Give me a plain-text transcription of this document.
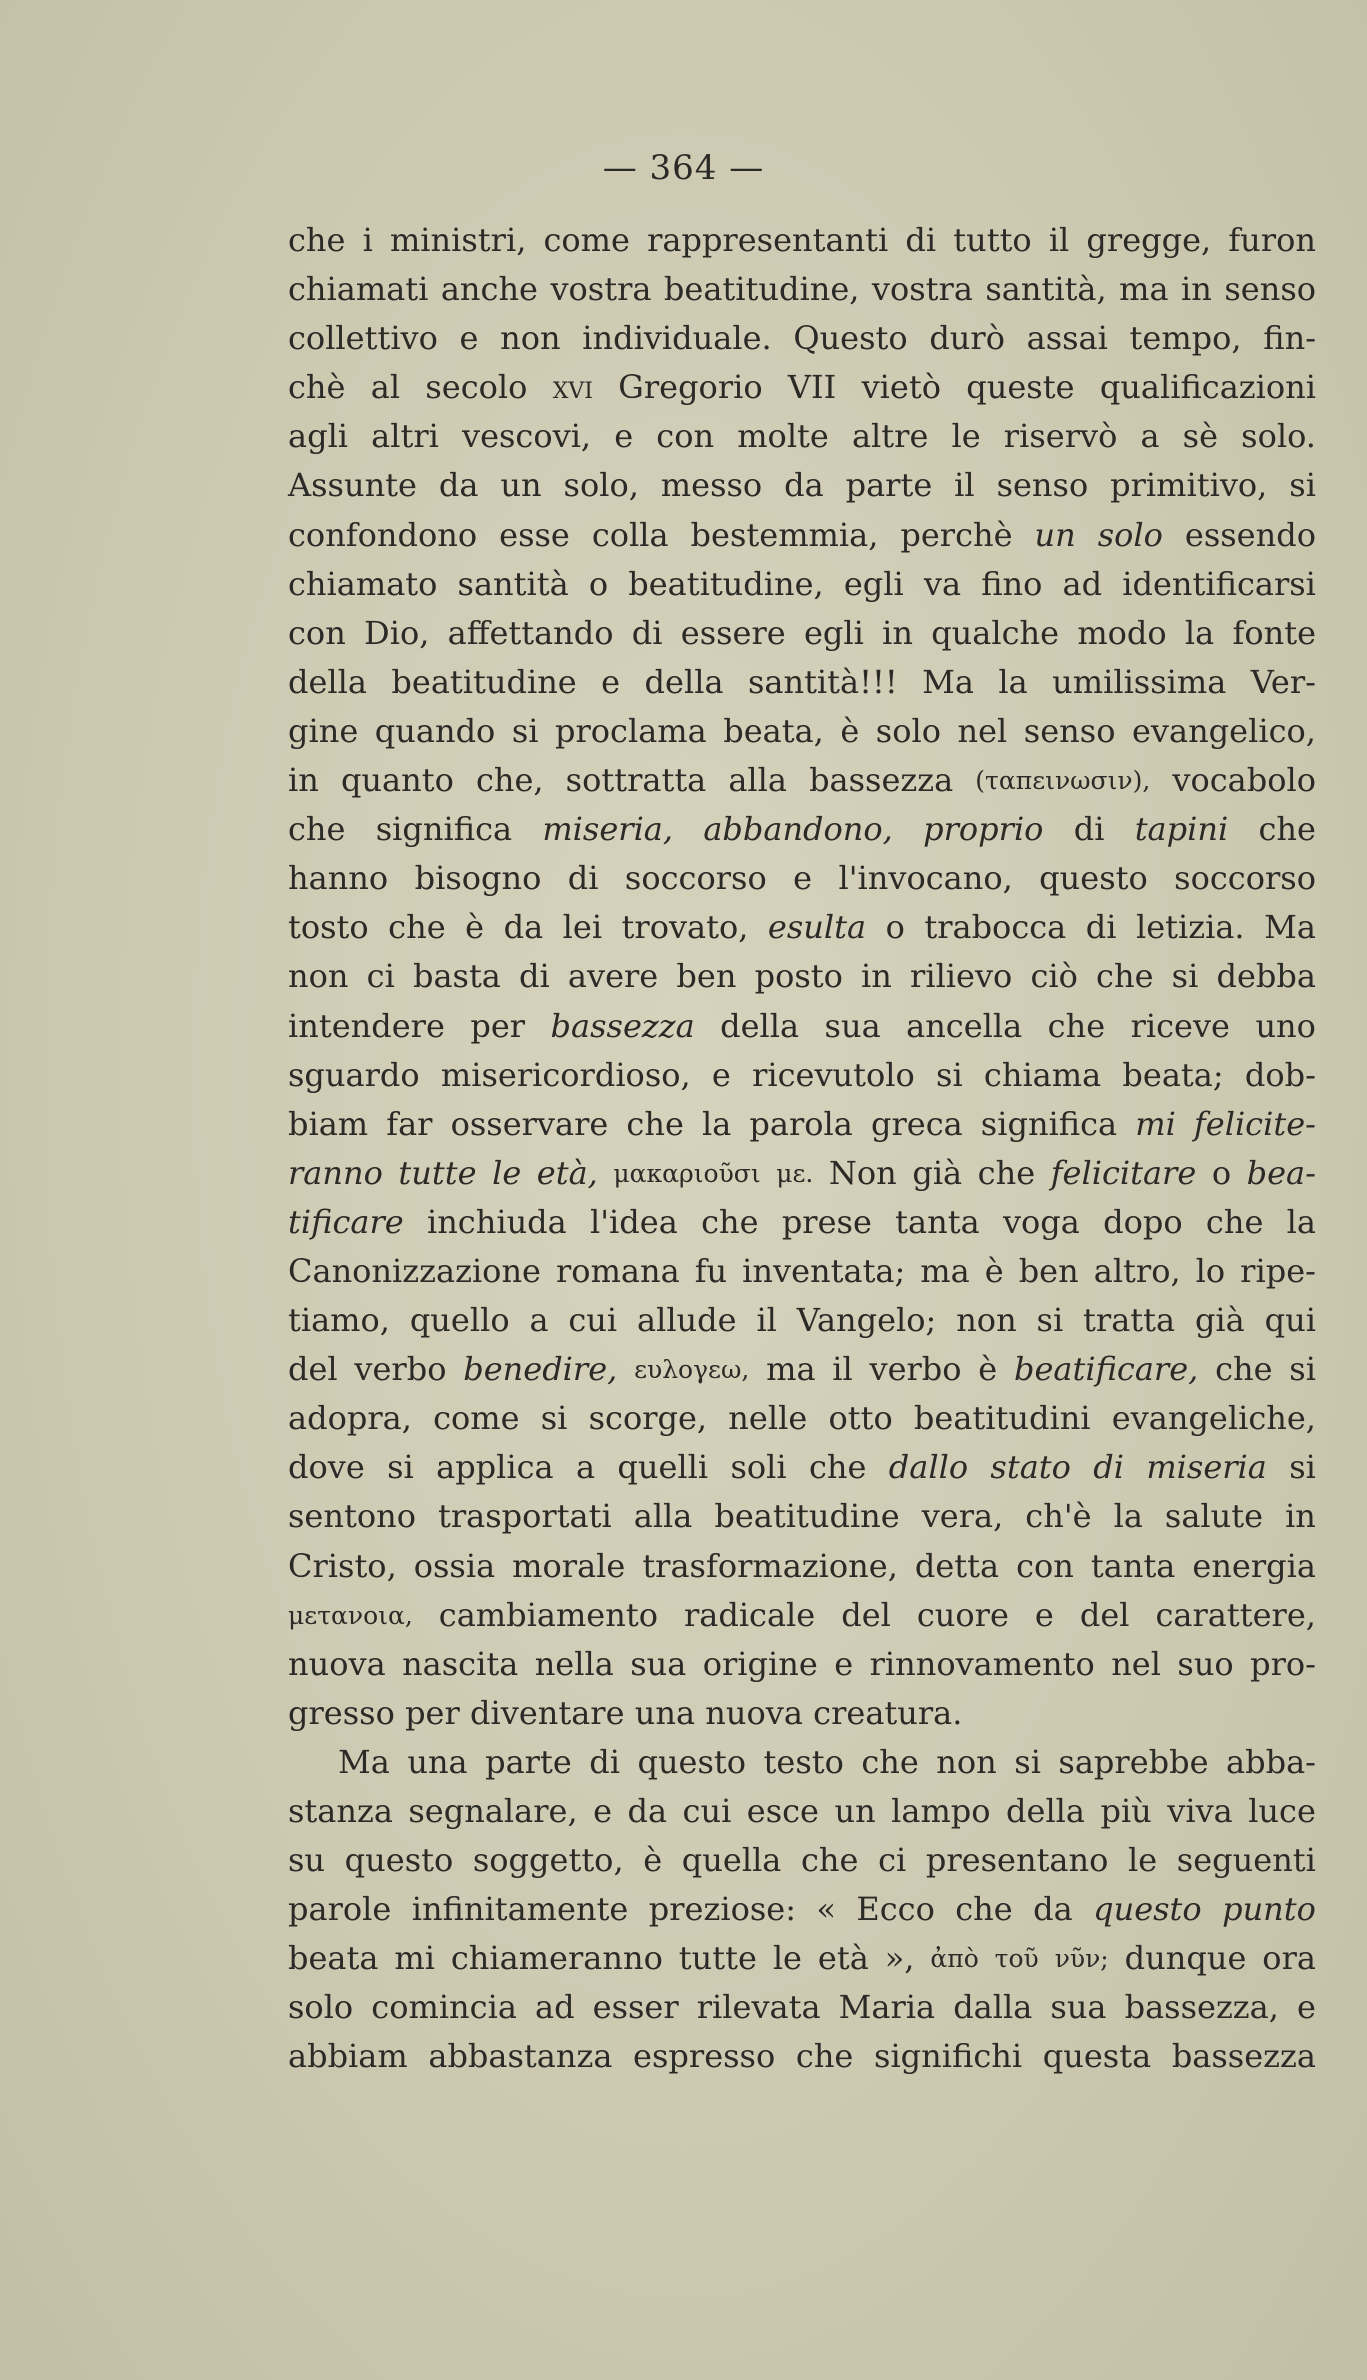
— 364 —
che i ministri, come rappresentanti di tutto il gregge, furon
chiamati anche vostra beatitudine, vostra santità, ma in senso
collettivo e non individuale. Questo durò assai tempo, fin-
chè al secolo xvi Gregorio VII vietò queste qualificazioni
agli altri vescovi, e con molte altre le riservò a sè solo.
Assunte da un solo, messo da parte il senso primitivo, si
confondono esse colla bestemmia, perchè un solo essendo
chiamato santità o beatitudine, egli va fino ad identificarsi
con Dio, affettando di essere egli in qualche modo la fonte
della beatitudine e della santità!!! Ma la umilissima Ver-
gine quando si proclama beata, è solo nel senso evangelico,
in quanto che, sottratta alla bassezza (ταπεινωσιν), vocabolo
che significa miseria, abbandono, proprio di tapini che
hanno bisogno di soccorso e l'invocano, questo soccorso
tosto che è da lei trovato, esulta o trabocca di letizia. Ma
non ci basta di avere ben posto in rilievo ciò che si debba
intendere per bassezza della sua ancella che riceve uno
sguardo misericordioso, e ricevutolo si chiama beata; dob-
biam far osservare che la parola greca significa mi felicite-
ranno tutte le età, μακαριοῦσι με. Non già che felicitare o bea-
tificare inchiuda l'idea che prese tanta voga dopo che la
Canonizzazione romana fu inventata; ma è ben altro, lo ripe-
tiamo, quello a cui allude il Vangelo; non si tratta già qui
del verbo benedire, ευλογεω, ma il verbo è beatificare, che si
adopra, come si scorge, nelle otto beatitudini evangeliche,
dove si applica a quelli soli che dallo stato di miseria si
sentono trasportati alla beatitudine vera, ch'è la salute in
Cristo, ossia morale trasformazione, detta con tanta energia
μετανοια, cambiamento radicale del cuore e del carattere,
nuova nascita nella sua origine e rinnovamento nel suo pro-
gresso per diventare una nuova creatura.
Ma una parte di questo testo che non si saprebbe abba-
stanza segnalare, e da cui esce un lampo della più viva luce
su questo soggetto, è quella che ci presentano le seguenti
parole infinitamente preziose: « Ecco che da questo punto
beata mi chiameranno tutte le età », ἀπὸ τοῦ νῦν; dunque ora
solo comincia ad esser rilevata Maria dalla sua bassezza, e
abbiam abbastanza espresso che significhi questa bassezza
